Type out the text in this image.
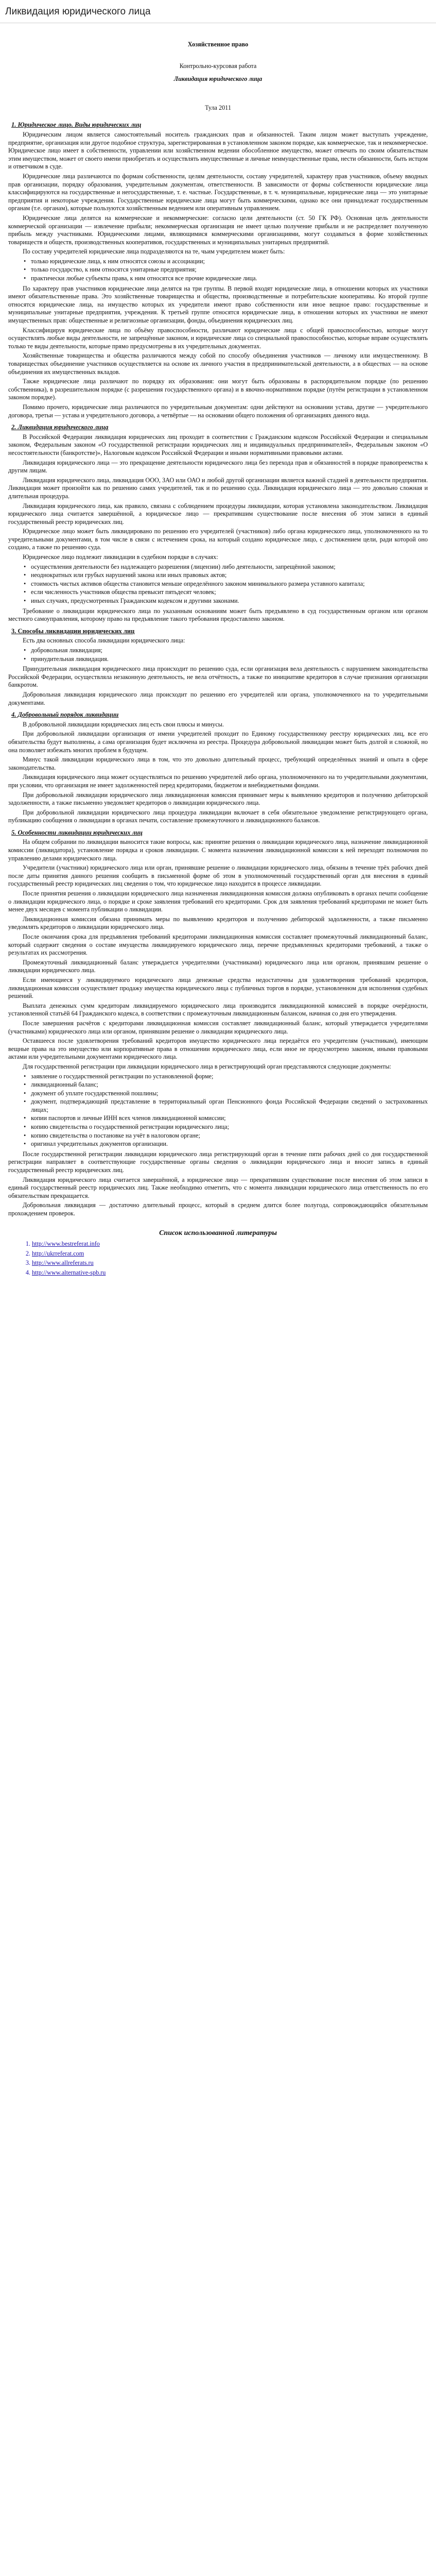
Ликвидация юридического лица

Хозяйственное право

Контрольно-курсовая работа

Ликвидация юридического лица

Тула 2011

1. Юридическое лицо. Виды юридических лиц

Юридическим лицом является самостоятельный носитель гражданских прав и обязанностей. Таким лицом может выступать учреждение, предприятие, организация или другое подобное структура, зарегистрированная в установленном законом порядке, как коммерческое, так и некоммерческое. Юридическое лицо имеет в собственности, управлении или хозяйственном ведении обособленное имущество, может отвечать по своим обязательствам этим имуществом, может от своего имени приобретать и осуществлять имущественные и личные неимущественные права, нести обязанности, быть истцом и ответчиком в суде.

Юридические лица различаются по формам собственности, целям деятельности, составу учредителей, характеру прав участников, объему вводных прав организации, порядку образования, учредительным документам, ответственности. В зависимости от формы собственности юридические лица классифицируются на государственные и негосударственные, т. е. частные. Государственные, в т. ч. муниципальные, юридические лица — это унитарные предприятия и некоторые учреждения. Государственные юридические лица могут быть коммерческими, однако все они принадлежат государственным органам (т.е. органам), которые пользуются хозяйственным ведением или оперативным управлением.

Юридические лица делятся на коммерческие и некоммерческие: согласно цели деятельности (ст. 50 ГК РФ). Основная цель деятельности коммерческой организации — извлечение прибыли; некоммерческая организация не имеет целью получение прибыли и не распределяет полученную прибыль между участниками. Юридическими лицами, являющимися коммерческими организациями, могут создаваться в форме хозяйственных товариществ и обществ, производственных кооперативов, государственных и муниципальных унитарных предприятий.

По составу учредителей юридические лица подразделяются на те, чьим учредителем может быть:

• только юридические лица, к ним относятся союзы и ассоциации;
• только государство, к ним относятся унитарные предприятия;
• практически любые субъекты права, к ним относятся все прочие юридические лица.

По характеру прав участников юридические лица делятся на три группы. В первой входят юридические лица, в отношении которых их участники имеют обязательственные права. Это хозяйственные товарищества и общества, производственные и потребительские кооперативы. Ко второй группе относятся юридические лица, на имущество которых их учредители имеют право собственности или иное вещное право: государственные и муниципальные унитарные предприятия, учреждения. К третьей группе относятся юридические лица, в отношении которых их участники не имеют имущественных прав: общественные и религиозные организации, фонды, объединения юридических лиц.

Классифицируя юридические лица по объёму правоспособности, различают юридические лица с общей правоспособностью, которые могут осуществлять любые виды деятельности, не запрещённые законом, и юридические лица со специальной правоспособностью, которые вправе осуществлять только те виды деятельности, которые прямо предусмотрены в их учредительных документах.

Хозяйственные товарищества и общества различаются между собой по способу объединения участников — личному или имущественному. В товариществах объединение участников осуществляется на основе их личного участия в предпринимательской деятельности, а в обществах — на основе объединения их имущественных вкладов.

Также юридические лица различают по порядку их образования: они могут быть образованы в распорядительном порядке (по решению собственника), в разрешительном порядке (с разрешения государственного органа) и в явочно-нормативном порядке (путём регистрации в установленном законом порядке).

Помимо прочего, юридические лица различаются по учредительным документам: одни действуют на основании устава, другие — учредительного договора, третьи — устава и учредительного договора, а четвёртые — на основании общего положения об организациях данного вида.

2. Ликвидация юридического лица

В Российской Федерации ликвидация юридических лиц проходит в соответствии с Гражданским кодексом Российской Федерации и специальным законом, Федеральным законом «О государственной регистрации юридических лиц и индивидуальных предпринимателей», Федеральным законом «О несостоятельности (банкротстве)», Налоговым кодексом Российской Федерации и иными нормативными правовыми актами.

Ликвидация юридического лица — это прекращение деятельности юридического лица без перехода прав и обязанностей в порядке правопреемства к другим лицам.

Ликвидация юридического лица, ликвидация ООО, ЗАО или ОАО и любой другой организации является важной стадией в деятельности предприятия. Ликвидация может произойти как по решению самих учредителей, так и по решению суда. Ликвидация юридического лица — это довольно сложная и длительная процедура.

Ликвидация юридического лица, как правило, связана с соблюдением процедуры ликвидации, которая установлена законодательством. Ликвидация юридического лица считается завершённой, а юридическое лицо — прекратившим существование после внесения об этом записи в единый государственный реестр юридических лиц.

Юридическое лицо может быть ликвидировано по решению его учредителей (участников) либо органа юридического лица, уполномоченного на то учредительными документами, в том числе в связи с истечением срока, на который создано юридическое лицо, с достижением цели, ради которой оно создано, а также по решению суда.

Юридическое лицо подлежит ликвидации в судебном порядке в случаях:

• осуществления деятельности без надлежащего разрешения (лицензии) либо деятельности, запрещённой законом;
• неоднократных или грубых нарушений закона или иных правовых актов;
• стоимость чистых активов общества становится меньше определённого законом минимального размера уставного капитала;
• если численность участников общества превысит пятьдесят человек;
• иных случаях, предусмотренных Гражданским кодексом и другими законами.

Требование о ликвидации юридического лица по указанным основаниям может быть предъявлено в суд государственным органом или органом местного самоуправления, которому право на предъявление такого требования предоставлено законом.

3. Способы ликвидации юридических лиц

Есть два основных способа ликвидации юридического лица:

• добровольная ликвидация;
• принудительная ликвидация.

Принудительная ликвидация юридического лица происходит по решению суда, если организация вела деятельность с нарушением законодательства Российской Федерации, осуществляла незаконную деятельность, не вела отчётность, а также по инициативе кредиторов в случае признания организации банкротом.

Добровольная ликвидация юридического лица происходит по решению его учредителей или органа, уполномоченного на то учредительными документами.

4. Добровольный порядок ликвидации

В добровольной ликвидации юридических лиц есть свои плюсы и минусы.

При добровольной ликвидации организация от имени учредителей проходит по Единому государственному реестру юридических лиц, все его обязательства будут выполнены, а сама организация будет исключена из реестра. Процедура добровольной ликвидации может быть долгой и сложной, но она позволяет избежать многих проблем в будущем.

Минус такой ликвидации юридического лица в том, что это довольно длительный процесс, требующий определённых знаний и опыта в сфере законодательства.

Ликвидация юридического лица может осуществляться по решению учредителей либо органа, уполномоченного на то учредительными документами, при условии, что организация не имеет задолженностей перед кредиторами, бюджетом и внебюджетными фондами.

При добровольной ликвидации юридического лица ликвидационная комиссия принимает меры к выявлению кредиторов и получению дебиторской задолженности, а также письменно уведомляет кредиторов о ликвидации юридического лица.

При добровольной ликвидации юридического лица процедура ликвидации включает в себя обязательное уведомление регистрирующего органа, публикацию сообщения о ликвидации в органах печати, составление промежуточного и ликвидационного балансов.

5. Особенности ликвидации юридических лиц

На общем собрании по ликвидации выносится такие вопросы, как: принятие решения о ликвидации юридического лица, назначение ликвидационной комиссии (ликвидатора), установление порядка и сроков ликвидации. С момента назначения ликвидационной комиссии к ней переходят полномочия по управлению делами юридического лица.

Учредители (участники) юридического лица или орган, принявшие решение о ликвидации юридического лица, обязаны в течение трёх рабочих дней после даты принятия данного решения сообщить в письменной форме об этом в уполномоченный государственный орган для внесения в единый государственный реестр юридических лиц сведения о том, что юридическое лицо находится в процессе ликвидации.

После принятия решения о ликвидации юридического лица назначенная ликвидационная комиссия должна опубликовать в органах печати сообщение о ликвидации юридического лица, о порядке и сроке заявления требований его кредиторами. Срок для заявления требований кредиторами не может быть менее двух месяцев с момента публикации о ликвидации.

Ликвидационная комиссия обязана принимать меры по выявлению кредиторов и получению дебиторской задолженности, а также письменно уведомлять кредиторов о ликвидации юридического лица.

После окончания срока для предъявления требований кредиторами ликвидационная комиссия составляет промежуточный ликвидационный баланс, который содержит сведения о составе имущества ликвидируемого юридического лица, перечне предъявленных кредиторами требований, а также о результатах их рассмотрения.

Промежуточный ликвидационный баланс утверждается учредителями (участниками) юридического лица или органом, принявшим решение о ликвидации юридического лица.

Если имеющиеся у ликвидируемого юридического лица денежные средства недостаточны для удовлетворения требований кредиторов, ликвидационная комиссия осуществляет продажу имущества юридического лица с публичных торгов в порядке, установленном для исполнения судебных решений.

Выплата денежных сумм кредиторам ликвидируемого юридического лица производится ликвидационной комиссией в порядке очерёдности, установленной статьёй 64 Гражданского кодекса, в соответствии с промежуточным ликвидационным балансом, начиная со дня его утверждения.

После завершения расчётов с кредиторами ликвидационная комиссия составляет ликвидационный баланс, который утверждается учредителями (участниками) юридического лица или органом, принявшим решение о ликвидации юридического лица.

Оставшееся после удовлетворения требований кредиторов имущество юридического лица передаётся его учредителям (участникам), имеющим вещные права на это имущество или корпоративные права в отношении юридического лица, если иное не предусмотрено законом, иными правовыми актами или учредительными документами юридического лица.

Для государственной регистрации при ликвидации юридического лица в регистрирующий орган представляются следующие документы:

• заявление о государственной регистрации по установленной форме;
• ликвидационный баланс;
• документ об уплате государственной пошлины;
• документ, подтверждающий представление в территориальный орган Пенсионного фонда Российской Федерации сведений о застрахованных лицах;
• копии паспортов и личные ИНН всех членов ликвидационной комиссии;
• копию свидетельства о государственной регистрации юридического лица;
• копию свидетельства о постановке на учёт в налоговом органе;
• оригинал учредительных документов организации.

После государственной регистрации ликвидации юридического лица регистрирующий орган в течение пяти рабочих дней со дня государственной регистрации направляет в соответствующие государственные органы сведения о ликвидации юридического лица и вносит запись в единый государственный реестр юридических лиц.

Ликвидация юридического лица считается завершённой, а юридическое лицо — прекратившим существование после внесения об этом записи в единый государственный реестр юридических лиц. Также необходимо отметить, что с момента ликвидации юридического лица ответственность по его обязательствам прекращается.

Добровольная ликвидация — достаточно длительный процесс, который в среднем длится более полугода, сопровождающийся обязательным прохождением проверок.

Список использованной литературы

1. http://www.bestreferat.info
2. http://ukrreferat.com
3. http://www.allreferats.ru
4. http://www.alternative-spb.ru
